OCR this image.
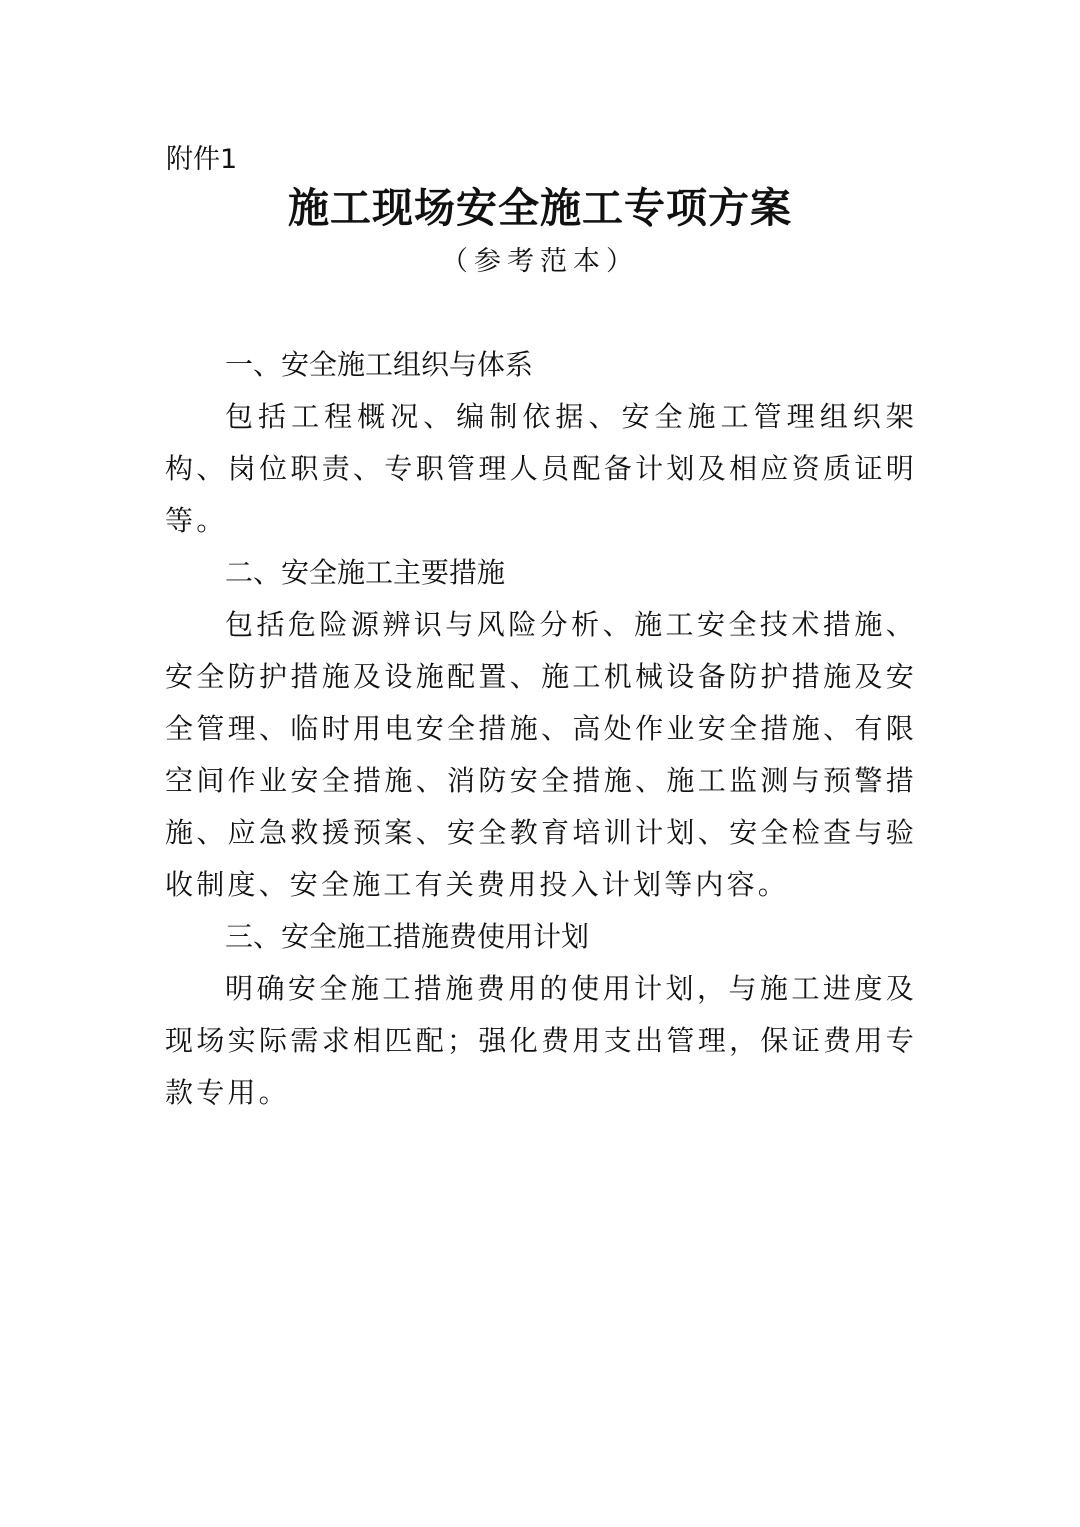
附件1
施工现场安全施工专项方案
（参考范本）

一、安全施工组织与体系

包括工程概况、编制依据、安全施工管理组织架构、岗位职责、专职管理人员配备计划及相应资质证明等。

二、安全施工主要措施

包括危险源辨识与风险分析、施工安全技术措施、安全防护措施及设施配置、施工机械设备防护措施及安全管理、临时用电安全措施、高处作业安全措施、有限空间作业安全措施、消防安全措施、施工监测与预警措施、应急救援预案、安全教育培训计划、安全检查与验收制度、安全施工有关费用投入计划等内容。

三、安全施工措施费使用计划

明确安全施工措施费用的使用计划，与施工进度及现场实际需求相匹配；强化费用支出管理，保证费用专款专用。
